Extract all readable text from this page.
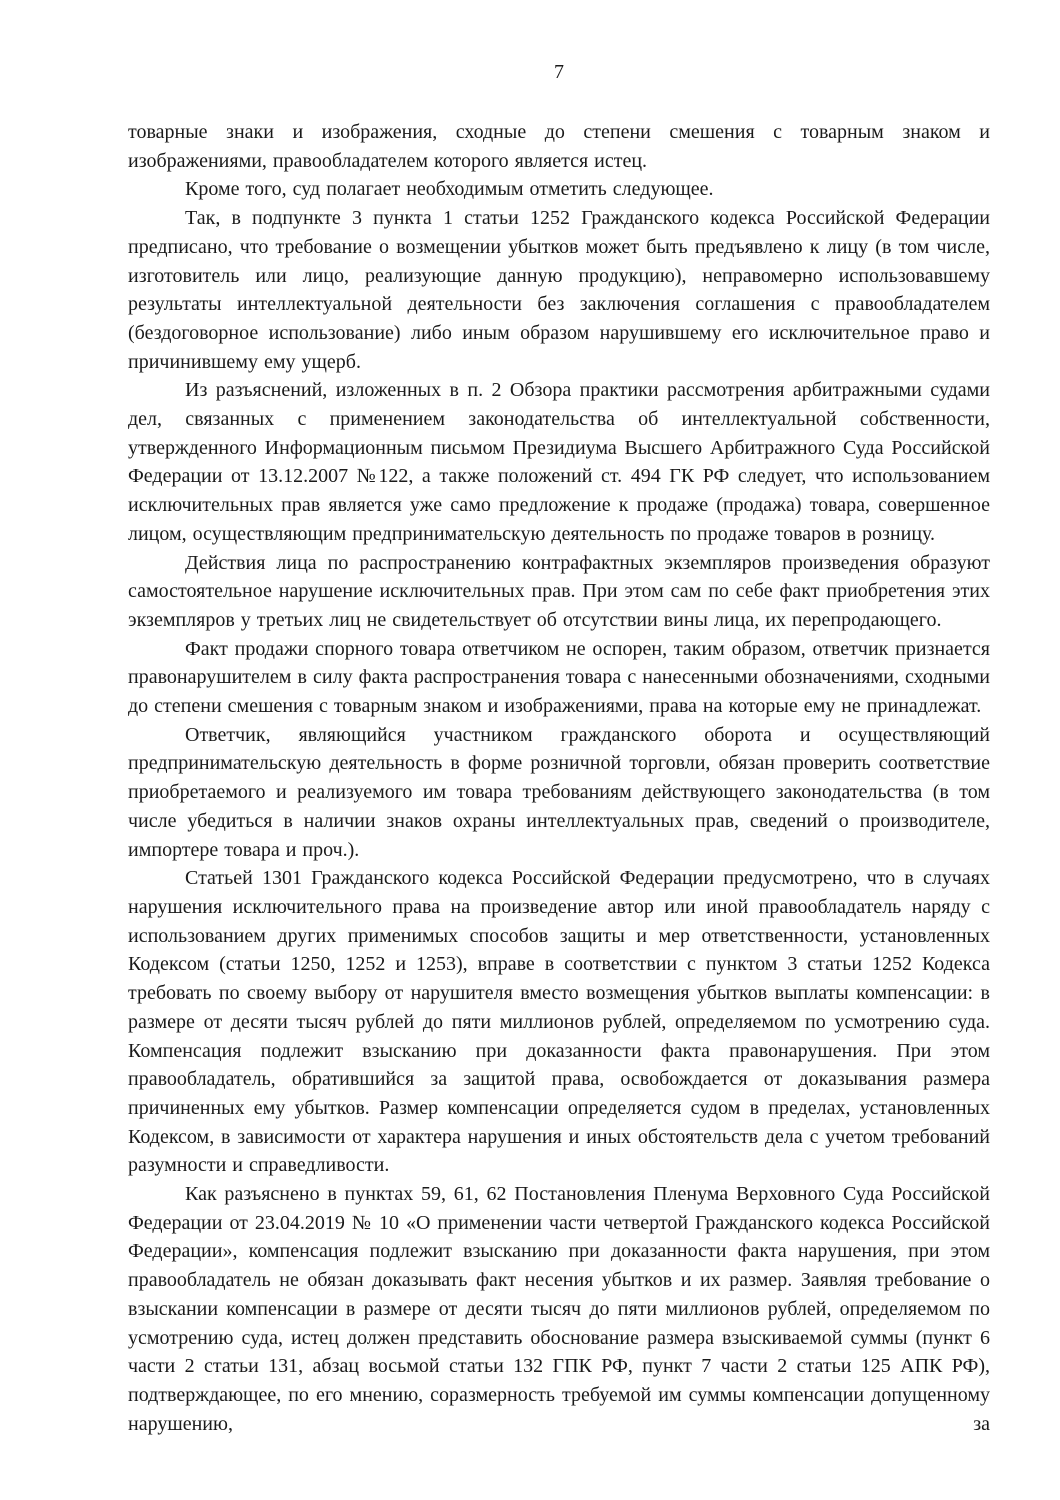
7

товарные знаки и изображения, сходные до степени смешения с товарным знаком и изображениями, правообладателем которого является истец.

Кроме того, суд полагает необходимым отметить следующее.

Так, в подпункте 3 пункта 1 статьи 1252 Гражданского кодекса Российской Федерации предписано, что требование о возмещении убытков может быть предъявлено к лицу (в том числе, изготовитель или лицо, реализующие данную продукцию), неправомерно использовавшему результаты интеллектуальной деятельности без заключения соглашения с правообладателем (бездоговорное использование) либо иным образом нарушившему его исключительное право и причинившему ему ущерб.

Из разъяснений, изложенных в п. 2 Обзора практики рассмотрения арбитражными судами дел, связанных с применением законодательства об интеллектуальной собственности, утвержденного Информационным письмом Президиума Высшего Арбитражного Суда Российской Федерации от 13.12.2007 №122, а также положений ст. 494 ГК РФ следует, что использованием исключительных прав является уже само предложение к продаже (продажа) товара, совершенное лицом, осуществляющим предпринимательскую деятельность по продаже товаров в розницу.

Действия лица по распространению контрафактных экземпляров произведения образуют самостоятельное нарушение исключительных прав. При этом сам по себе факт приобретения этих экземпляров у третьих лиц не свидетельствует об отсутствии вины лица, их перепродающего.

Факт продажи спорного товара ответчиком не оспорен, таким образом, ответчик признается правонарушителем в силу факта распространения товара с нанесенными обозначениями, сходными до степени смешения с товарным знаком и изображениями, права на которые ему не принадлежат.

Ответчик, являющийся участником гражданского оборота и осуществляющий предпринимательскую деятельность в форме розничной торговли, обязан проверить соответствие приобретаемого и реализуемого им товара требованиям действующего законодательства (в том числе убедиться в наличии знаков охраны интеллектуальных прав, сведений о производителе, импортере товара и проч.).

Статьей 1301 Гражданского кодекса Российской Федерации предусмотрено, что в случаях нарушения исключительного права на произведение автор или иной правообладатель наряду с использованием других применимых способов защиты и мер ответственности, установленных Кодексом (статьи 1250, 1252 и 1253), вправе в соответствии с пунктом 3 статьи 1252 Кодекса требовать по своему выбору от нарушителя вместо возмещения убытков выплаты компенсации: в размере от десяти тысяч рублей до пяти миллионов рублей, определяемом по усмотрению суда. Компенсация подлежит взысканию при доказанности факта правонарушения. При этом правообладатель, обратившийся за защитой права, освобождается от доказывания размера причиненных ему убытков. Размер компенсации определяется судом в пределах, установленных Кодексом, в зависимости от характера нарушения и иных обстоятельств дела с учетом требований разумности и справедливости.

Как разъяснено в пунктах 59, 61, 62 Постановления Пленума Верховного Суда Российской Федерации от 23.04.2019 № 10 «О применении части четвертой Гражданского кодекса Российской Федерации», компенсация подлежит взысканию при доказанности факта нарушения, при этом правообладатель не обязан доказывать факт несения убытков и их размер. Заявляя требование о взыскании компенсации в размере от десяти тысяч до пяти миллионов рублей, определяемом по усмотрению суда, истец должен представить обоснование размера взыскиваемой суммы (пункт 6 части 2 статьи 131, абзац восьмой статьи 132 ГПК РФ, пункт 7 части 2 статьи 125 АПК РФ), подтверждающее, по его мнению, соразмерность требуемой им суммы компенсации допущенному нарушению, за
